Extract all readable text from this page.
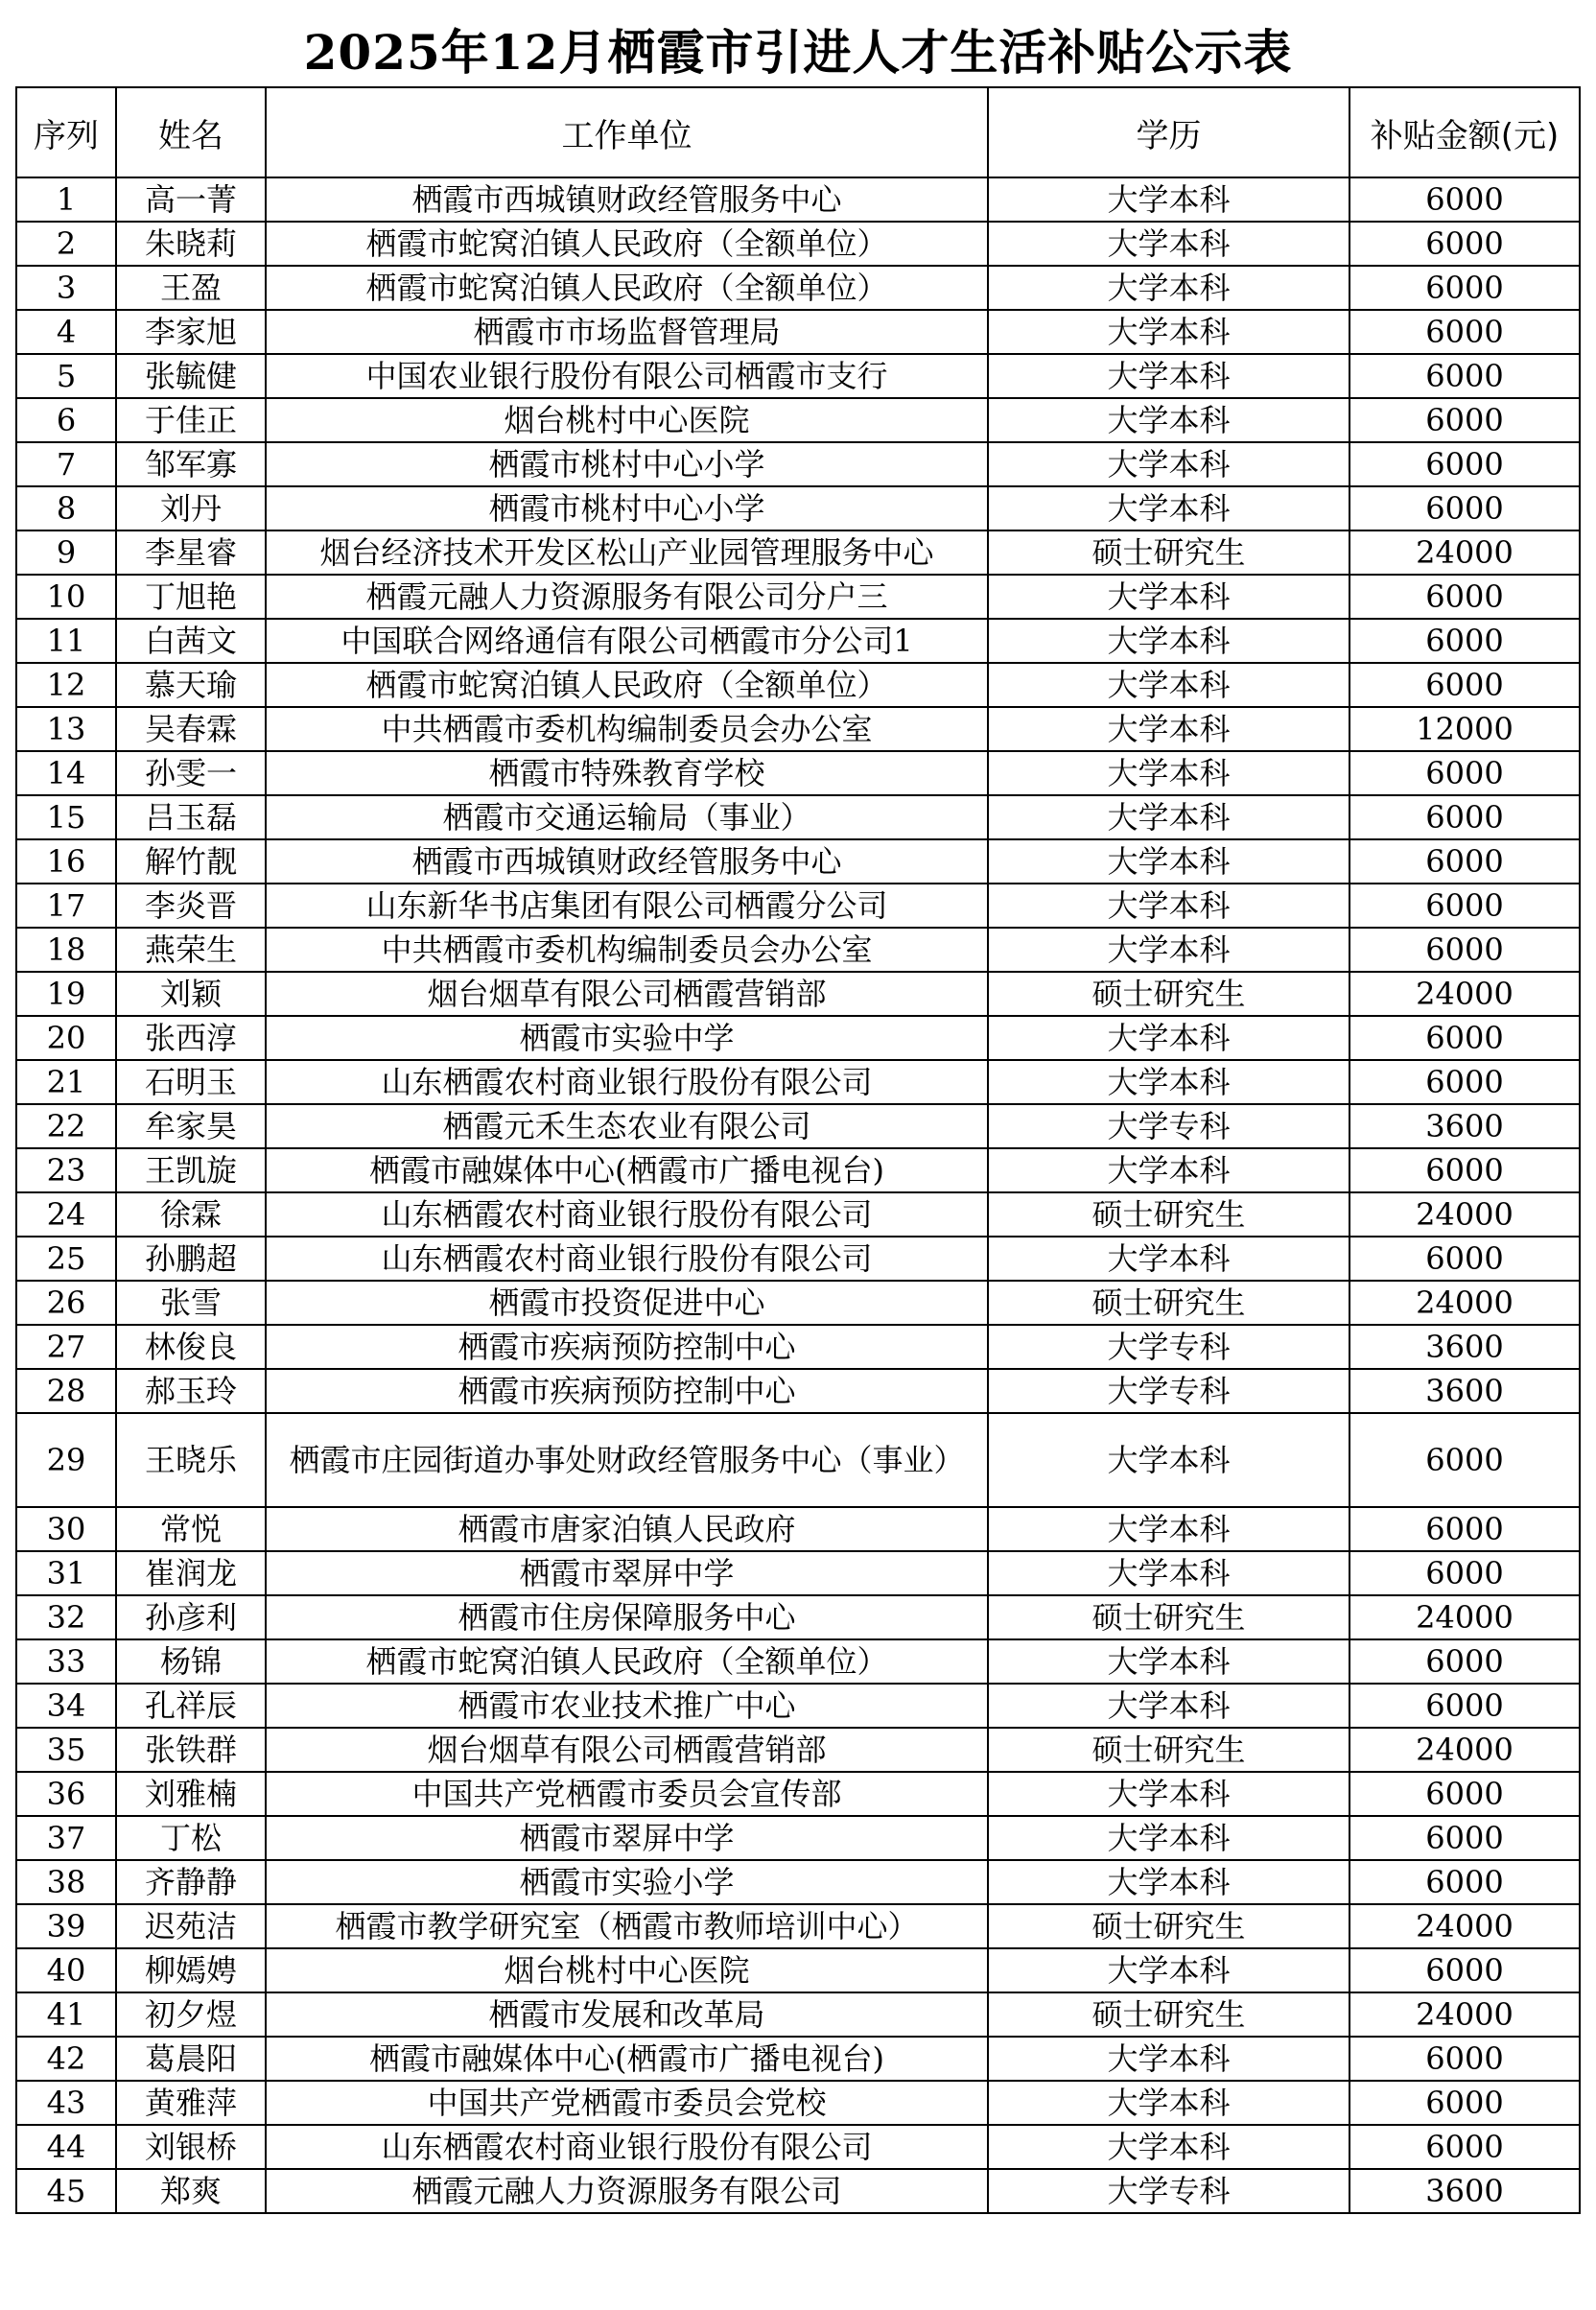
2025年12月栖霞市引进人才生活补贴公示表
序列	姓名	工作单位	学历	补贴金额(元)
1	高一菁	栖霞市西城镇财政经管服务中心	大学本科	6000
2	朱晓莉	栖霞市蛇窝泊镇人民政府（全额单位）	大学本科	6000
3	王盈	栖霞市蛇窝泊镇人民政府（全额单位）	大学本科	6000
4	李家旭	栖霞市市场监督管理局	大学本科	6000
5	张毓健	中国农业银行股份有限公司栖霞市支行	大学本科	6000
6	于佳正	烟台桃村中心医院	大学本科	6000
7	邹军寡	栖霞市桃村中心小学	大学本科	6000
8	刘丹	栖霞市桃村中心小学	大学本科	6000
9	李星睿	烟台经济技术开发区松山产业园管理服务中心	硕士研究生	24000
10	丁旭艳	栖霞元融人力资源服务有限公司分户三	大学本科	6000
11	白茜文	中国联合网络通信有限公司栖霞市分公司1	大学本科	6000
12	慕天瑜	栖霞市蛇窝泊镇人民政府（全额单位）	大学本科	6000
13	吴春霖	中共栖霞市委机构编制委员会办公室	大学本科	12000
14	孙雯一	栖霞市特殊教育学校	大学本科	6000
15	吕玉磊	栖霞市交通运输局（事业）	大学本科	6000
16	解竹靓	栖霞市西城镇财政经管服务中心	大学本科	6000
17	李炎晋	山东新华书店集团有限公司栖霞分公司	大学本科	6000
18	燕荣生	中共栖霞市委机构编制委员会办公室	大学本科	6000
19	刘颖	烟台烟草有限公司栖霞营销部	硕士研究生	24000
20	张西淳	栖霞市实验中学	大学本科	6000
21	石明玉	山东栖霞农村商业银行股份有限公司	大学本科	6000
22	牟家昊	栖霞元禾生态农业有限公司	大学专科	3600
23	王凯旋	栖霞市融媒体中心(栖霞市广播电视台)	大学本科	6000
24	徐霖	山东栖霞农村商业银行股份有限公司	硕士研究生	24000
25	孙鹏超	山东栖霞农村商业银行股份有限公司	大学本科	6000
26	张雪	栖霞市投资促进中心	硕士研究生	24000
27	林俊良	栖霞市疾病预防控制中心	大学专科	3600
28	郝玉玲	栖霞市疾病预防控制中心	大学专科	3600
29	王晓乐	栖霞市庄园街道办事处财政经管服务中心（事业）	大学本科	6000
30	常悦	栖霞市唐家泊镇人民政府	大学本科	6000
31	崔润龙	栖霞市翠屏中学	大学本科	6000
32	孙彦利	栖霞市住房保障服务中心	硕士研究生	24000
33	杨锦	栖霞市蛇窝泊镇人民政府（全额单位）	大学本科	6000
34	孔祥辰	栖霞市农业技术推广中心	大学本科	6000
35	张铁群	烟台烟草有限公司栖霞营销部	硕士研究生	24000
36	刘雅楠	中国共产党栖霞市委员会宣传部	大学本科	6000
37	丁松	栖霞市翠屏中学	大学本科	6000
38	齐静静	栖霞市实验小学	大学本科	6000
39	迟苑洁	栖霞市教学研究室（栖霞市教师培训中心）	硕士研究生	24000
40	柳嫣娉	烟台桃村中心医院	大学本科	6000
41	初夕煜	栖霞市发展和改革局	硕士研究生	24000
42	葛晨阳	栖霞市融媒体中心(栖霞市广播电视台)	大学本科	6000
43	黄雅萍	中国共产党栖霞市委员会党校	大学本科	6000
44	刘银桥	山东栖霞农村商业银行股份有限公司	大学本科	6000
45	郑爽	栖霞元融人力资源服务有限公司	大学专科	3600
